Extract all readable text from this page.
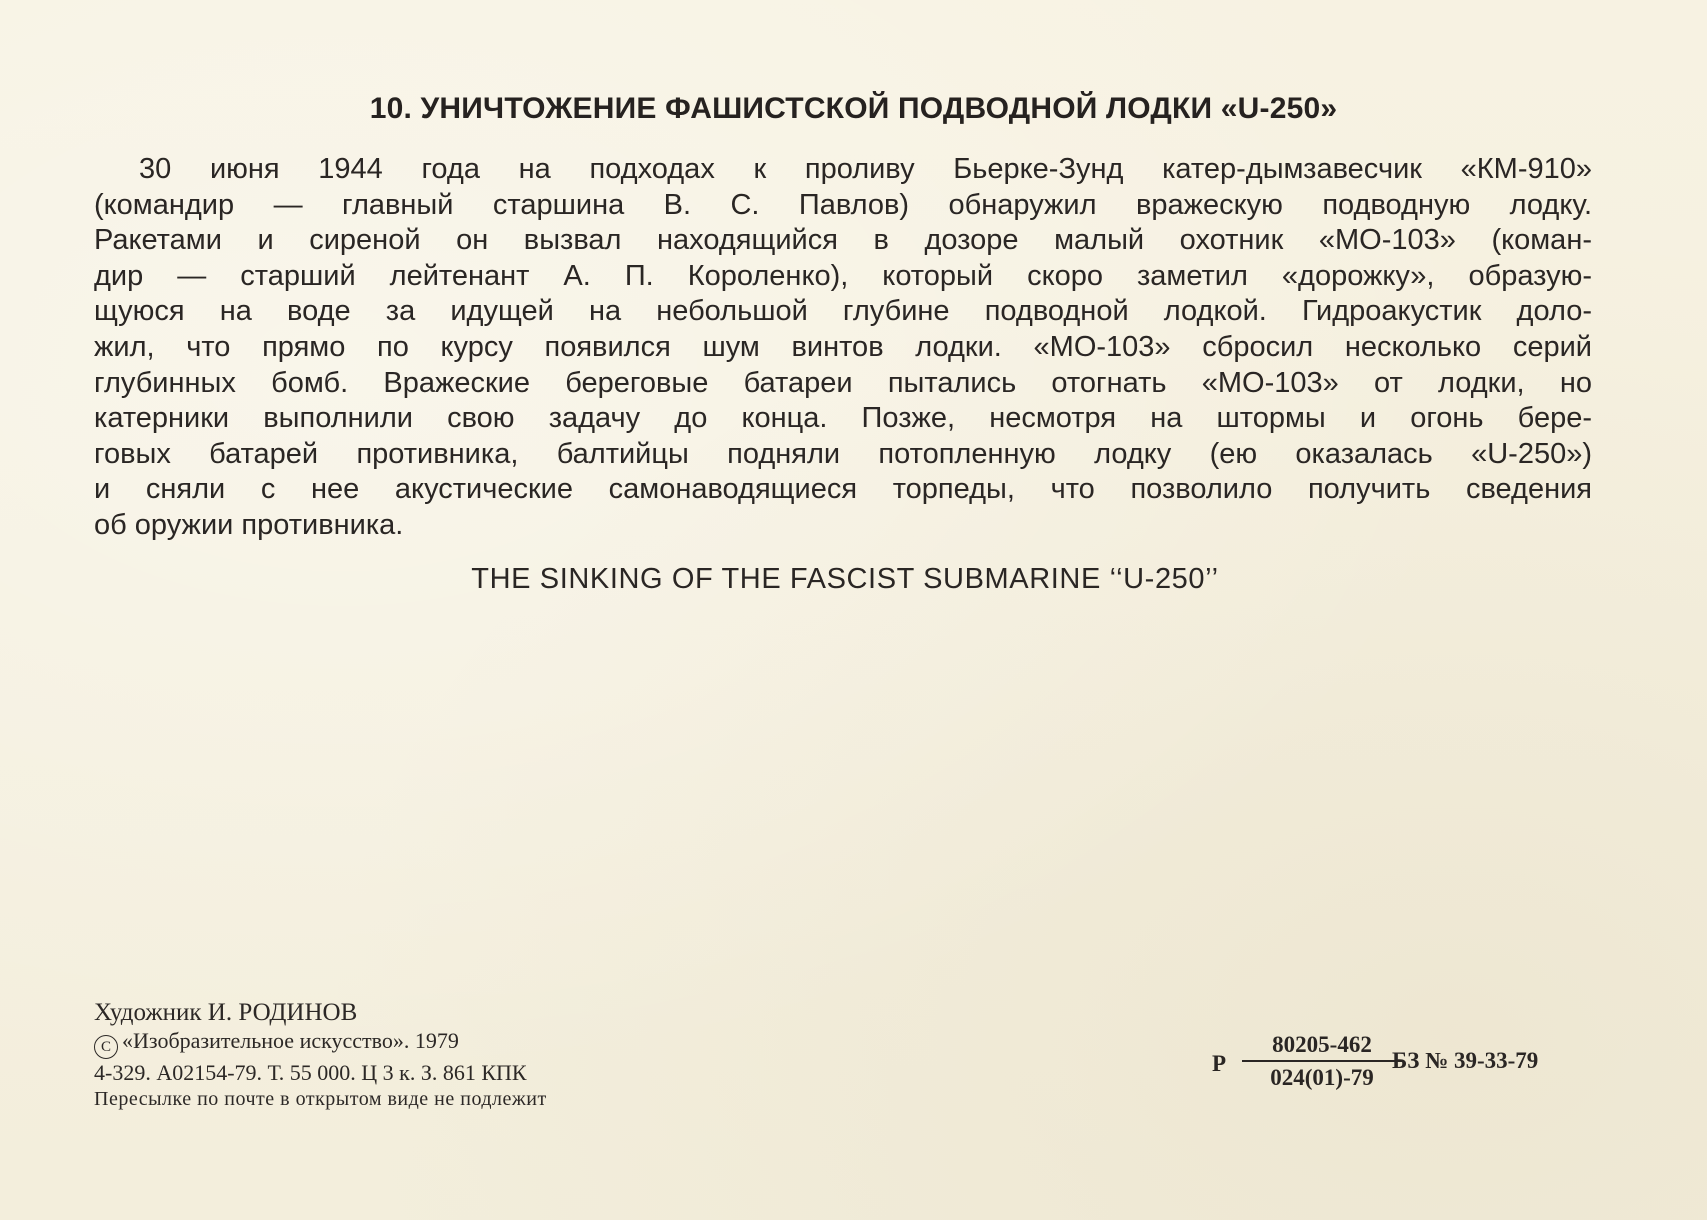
10. УНИЧТОЖЕНИЕ ФАШИСТСКОЙ ПОДВОДНОЙ ЛОДКИ «U-250»
30 июня 1944 года на подходах к проливу Бьерке-Зунд катер-дымзавесчик «КМ-910»
(командир — главный старшина В. С. Павлов) обнаружил вражескую подводную лодку.
Ракетами и сиреной он вызвал находящийся в дозоре малый охотник «МО-103» (коман-
дир — старший лейтенант А. П. Короленко), который скоро заметил «дорожку», образую-
щуюся на воде за идущей на небольшой глубине подводной лодкой. Гидроакустик доло-
жил, что прямо по курсу появился шум винтов лодки. «МО-103» сбросил несколько серий
глубинных бомб. Вражеские береговые батареи пытались отогнать «МО-103» от лодки, но
катерники выполнили свою задачу до конца. Позже, несмотря на штормы и огонь бере-
говых батарей противника, балтийцы подняли потопленную лодку (ею оказалась «U-250»)
и сняли с нее акустические самонаводящиеся торпеды, что позволило получить сведения
об оружии противника.
THE SINKING OF THE FASCIST SUBMARINE ‘‘U-250’’
Художник И. РОДИНОВ
C «Изобразительное искусство». 1979
4-329. А02154-79. Т. 55 000. Ц 3 к. З. 861 КПК
Пересылке по почте в открытом виде не подлежит
Р $\frac{80205-462}{024(01)-79}$
БЗ № 39-33-79
